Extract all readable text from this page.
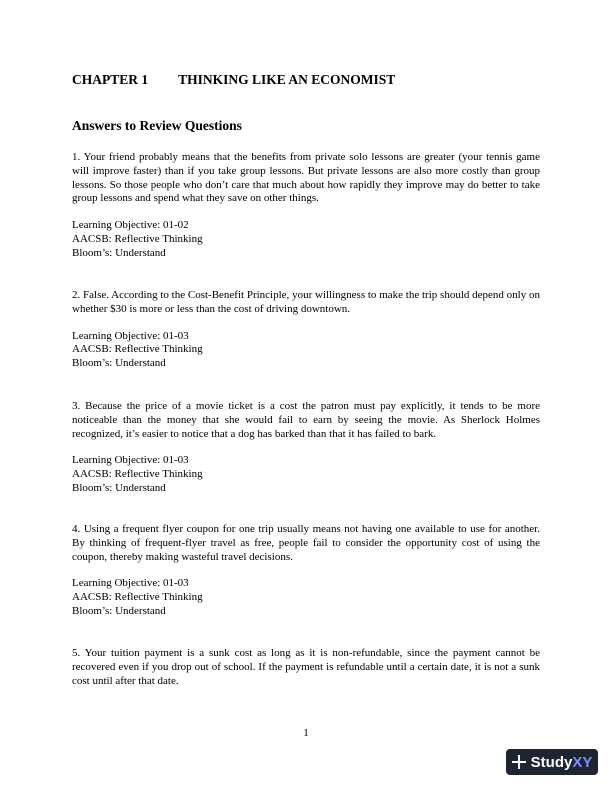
CHAPTER 1 THINKING LIKE AN ECONOMIST
Answers to Review Questions

1. Your friend probably means that the benefits from private solo lessons are greater (your tennis game will improve faster) than if you take group lessons. But private lessons are also more costly than group lessons. So those people who don’t care that much about how rapidly they improve may do better to take group lessons and spend what they save on other things.

Learning Objective: 01-02
AACSB: Reflective Thinking
Bloom’s: Understand

2. False. According to the Cost-Benefit Principle, your willingness to make the trip should depend only on whether $30 is more or less than the cost of driving downtown.

Learning Objective: 01-03
AACSB: Reflective Thinking
Bloom’s: Understand

3. Because the price of a movie ticket is a cost the patron must pay explicitly, it tends to be more noticeable than the money that she would fail to earn by seeing the movie. As Sherlock Holmes recognized, it’s easier to notice that a dog has barked than that it has failed to bark.

Learning Objective: 01-03
AACSB: Reflective Thinking
Bloom’s: Understand

4. Using a frequent flyer coupon for one trip usually means not having one available to use for another. By thinking of frequent-flyer travel as free, people fail to consider the opportunity cost of using the coupon, thereby making wasteful travel decisions.

Learning Objective: 01-03
AACSB: Reflective Thinking
Bloom’s: Understand

5. Your tuition payment is a sunk cost as long as it is non-refundable, since the payment cannot be recovered even if you drop out of school. If the payment is refundable until a certain date, it is not a sunk cost until after that date.

1
Study XY
